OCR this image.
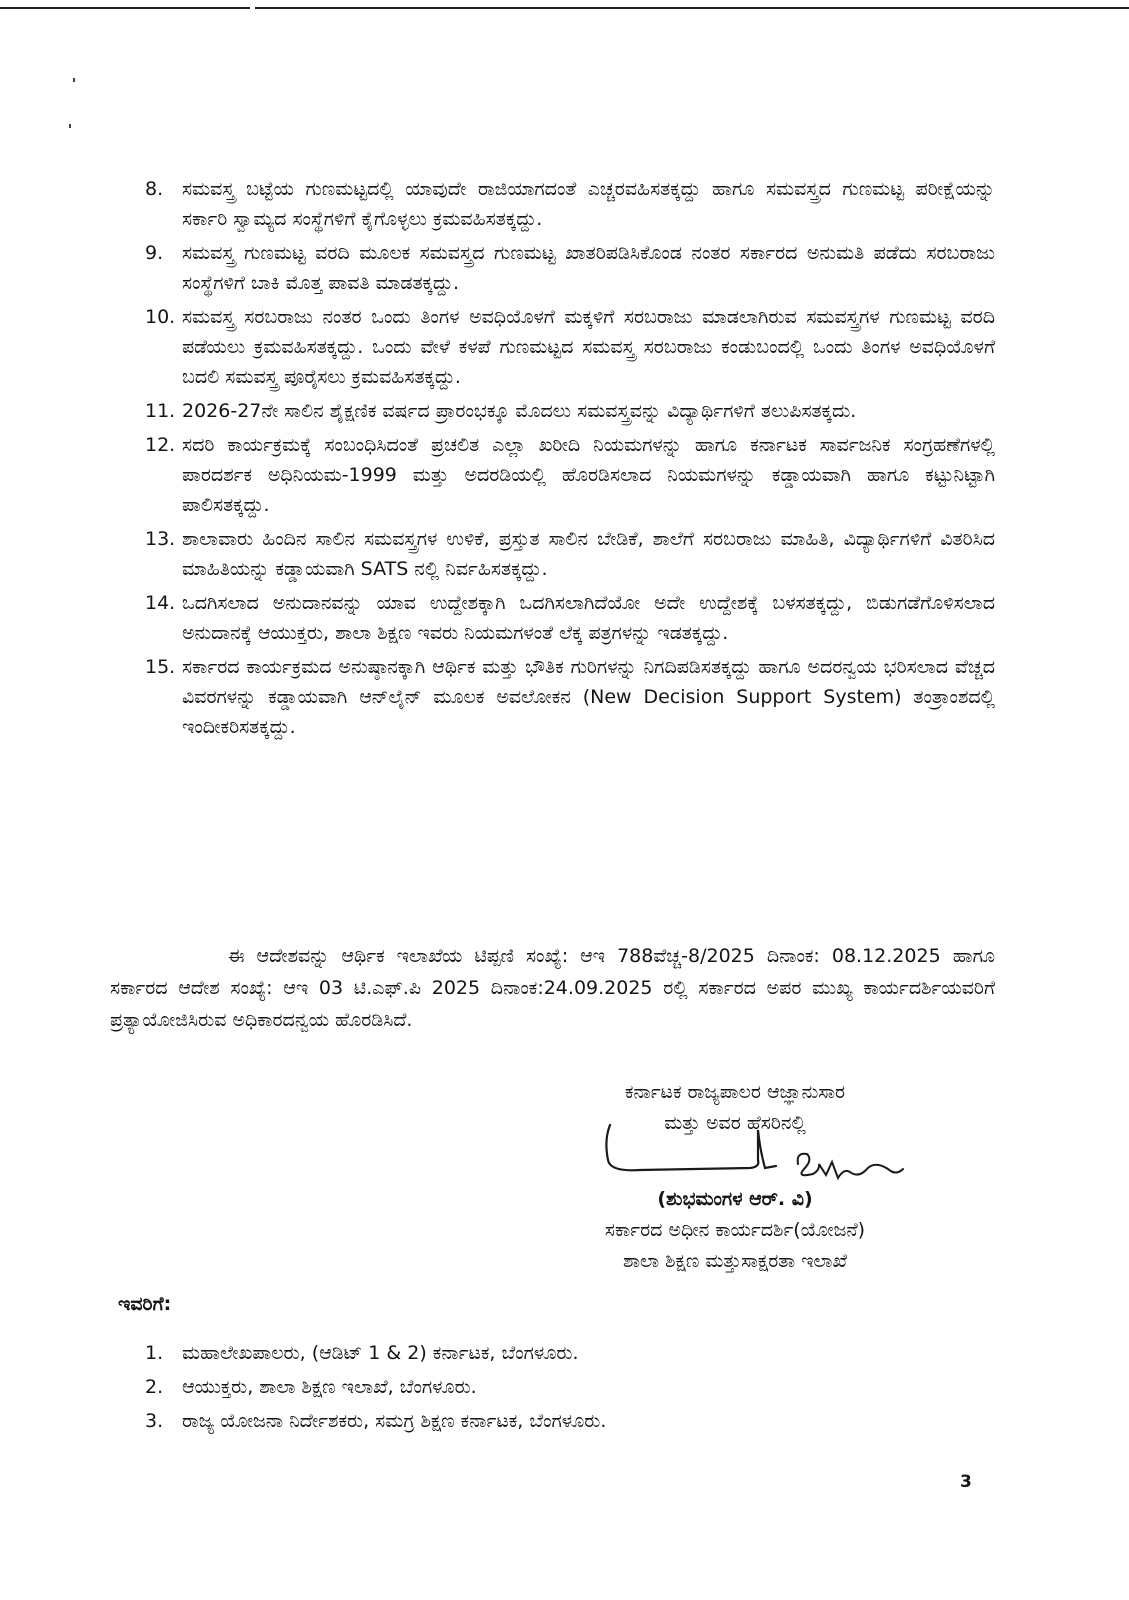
8. ಸಮವಸ್ತ್ರ ಬಟ್ಟೆಯ ಗುಣಮಟ್ಟದಲ್ಲಿ ಯಾವುದೇ ರಾಜಿಯಾಗದಂತೆ ಎಚ್ಚರವಹಿಸತಕ್ಕದ್ದು ಹಾಗೂ ಸಮವಸ್ತ್ರದ ಗುಣಮಟ್ಟ ಪರೀಕ್ಷೆಯನ್ನು ಸರ್ಕಾರಿ ಸ್ವಾಮ್ಯದ ಸಂಸ್ಥೆಗಳಿಗೆ ಕೈಗೊಳ್ಳಲು ಕ್ರಮವಹಿಸತಕ್ಕದ್ದು.
9. ಸಮವಸ್ತ್ರ ಗುಣಮಟ್ಟ ವರದಿ ಮೂಲಕ ಸಮವಸ್ತ್ರದ ಗುಣಮಟ್ಟ ಖಾತರಿಪಡಿಸಿಕೊಂಡ ನಂತರ ಸರ್ಕಾರದ ಅನುಮತಿ ಪಡೆದು ಸರಬರಾಜು ಸಂಸ್ಥೆಗಳಿಗೆ ಬಾಕಿ ಮೊತ್ತ ಪಾವತಿ ಮಾಡತಕ್ಕದ್ದು.
10. ಸಮವಸ್ತ್ರ ಸರಬರಾಜು ನಂತರ ಒಂದು ತಿಂಗಳ ಅವಧಿಯೊಳಗೆ ಮಕ್ಕಳಿಗೆ ಸರಬರಾಜು ಮಾಡಲಾಗಿರುವ ಸಮವಸ್ತ್ರಗಳ ಗುಣಮಟ್ಟ ವರದಿ ಪಡೆಯಲು ಕ್ರಮವಹಿಸತಕ್ಕದ್ದು. ಒಂದು ವೇಳೆ ಕಳಪೆ ಗುಣಮಟ್ಟದ ಸಮವಸ್ತ್ರ ಸರಬರಾಜು ಕಂಡುಬಂದಲ್ಲಿ ಒಂದು ತಿಂಗಳ ಅವಧಿಯೊಳಗೆ ಬದಲಿ ಸಮವಸ್ತ್ರ ಪೂರೈಸಲು ಕ್ರಮವಹಿಸತಕ್ಕದ್ದು.
11. 2026-27ನೇ ಸಾಲಿನ ಶೈಕ್ಷಣಿಕ ವರ್ಷದ ಪ್ರಾರಂಭಕ್ಕೂ ಮೊದಲು ಸಮವಸ್ತ್ರವನ್ನು ವಿದ್ಯಾರ್ಥಿಗಳಿಗೆ ತಲುಪಿಸತಕ್ಕದು.
12. ಸದರಿ ಕಾರ್ಯಕ್ರಮಕ್ಕೆ ಸಂಬಂಧಿಸಿದಂತೆ ಪ್ರಚಲಿತ ಎಲ್ಲಾ ಖರೀದಿ ನಿಯಮಗಳನ್ನು ಹಾಗೂ ಕರ್ನಾಟಕ ಸಾರ್ವಜನಿಕ ಸಂಗ್ರಹಣೆಗಳಲ್ಲಿ ಪಾರದರ್ಶಕ ಅಧಿನಿಯಮ-1999 ಮತ್ತು ಅದರಡಿಯಲ್ಲಿ ಹೊರಡಿಸಲಾದ ನಿಯಮಗಳನ್ನು ಕಡ್ಡಾಯವಾಗಿ ಹಾಗೂ ಕಟ್ಟುನಿಟ್ಟಾಗಿ ಪಾಲಿಸತಕ್ಕದ್ದು.
13. ಶಾಲಾವಾರು ಹಿಂದಿನ ಸಾಲಿನ ಸಮವಸ್ತ್ರಗಳ ಉಳಿಕೆ, ಪ್ರಸ್ತುತ ಸಾಲಿನ ಬೇಡಿಕೆ, ಶಾಲೆಗೆ ಸರಬರಾಜು ಮಾಹಿತಿ, ವಿದ್ಯಾರ್ಥಿಗಳಿಗೆ ವಿತರಿಸಿದ ಮಾಹಿತಿಯನ್ನು ಕಡ್ಡಾಯವಾಗಿ SATS ನಲ್ಲಿ ನಿರ್ವಹಿಸತಕ್ಕದ್ದು.
14. ಒದಗಿಸಲಾದ ಅನುದಾನವನ್ನು ಯಾವ ಉದ್ದೇಶಕ್ಕಾಗಿ ಒದಗಿಸಲಾಗಿದೆಯೋ ಅದೇ ಉದ್ದೇಶಕ್ಕೆ ಬಳಸತಕ್ಕದ್ದು, ಬಿಡುಗಡೆಗೊಳಿಸಲಾದ ಅನುದಾನಕ್ಕೆ ಆಯುಕ್ತರು, ಶಾಲಾ ಶಿಕ್ಷಣ ಇವರು ನಿಯಮಗಳಂತೆ ಲೆಕ್ಕ ಪತ್ರಗಳನ್ನು ಇಡತಕ್ಕದ್ದು.
15. ಸರ್ಕಾರದ ಕಾರ್ಯಕ್ರಮದ ಅನುಷ್ಠಾನಕ್ಕಾಗಿ ಆರ್ಥಿಕ ಮತ್ತು ಭೌತಿಕ ಗುರಿಗಳನ್ನು ನಿಗದಿಪಡಿಸತಕ್ಕದ್ದು ಹಾಗೂ ಅದರನ್ವಯ ಭರಿಸಲಾದ ವೆಚ್ಚದ ವಿವರಗಳನ್ನು ಕಡ್ಡಾಯವಾಗಿ ಆನ್‌ಲೈನ್ ಮೂಲಕ ಅವಲೋಕನ (New Decision Support System) ತಂತ್ರಾಂಶದಲ್ಲಿ ಇಂದೀಕರಿಸತಕ್ಕದ್ದು.

ಈ ಆದೇಶವನ್ನು ಆರ್ಥಿಕ ಇಲಾಖೆಯ ಟಿಪ್ಪಣಿ ಸಂಖ್ಯೆ: ಆಇ 788ವೆಚ್ಚ-8/2025 ದಿನಾಂಕ: 08.12.2025 ಹಾಗೂ ಸರ್ಕಾರದ ಆದೇಶ ಸಂಖ್ಯೆ: ಆಇ 03 ಟಿ.ಎಫ್.ಪಿ 2025 ದಿನಾಂಕ:24.09.2025 ರಲ್ಲಿ ಸರ್ಕಾರದ ಅಪರ ಮುಖ್ಯ ಕಾರ್ಯದರ್ಶಿಯವರಿಗೆ ಪ್ರತ್ಯಾಯೋಜಿಸಿರುವ ಅಧಿಕಾರದನ್ವಯ ಹೊರಡಿಸಿದೆ.

ಕರ್ನಾಟಕ ರಾಜ್ಯಪಾಲರ ಆಜ್ಞಾನುಸಾರ
ಮತ್ತು ಅವರ ಹೆಸರಿನಲ್ಲಿ
(ಶುಭಮಂಗಳ ಆರ್. ವಿ)
ಸರ್ಕಾರದ ಅಧೀನ ಕಾರ್ಯದರ್ಶಿ(ಯೋಜನೆ)
ಶಾಲಾ ಶಿಕ್ಷಣ ಮತ್ತುಸಾಕ್ಷರತಾ ಇಲಾಖೆ
ಇವರಿಗೆ:
1. ಮಹಾಲೇಖಪಾಲರು, (ಆಡಿಟ್ 1 & 2) ಕರ್ನಾಟಕ, ಬೆಂಗಳೂರು.
2. ಆಯುಕ್ತರು, ಶಾಲಾ ಶಿಕ್ಷಣ ಇಲಾಖೆ, ಬೆಂಗಳೂರು.
3. ರಾಜ್ಯ ಯೋಜನಾ ನಿರ್ದೇಶಕರು, ಸಮಗ್ರ ಶಿಕ್ಷಣ ಕರ್ನಾಟಕ, ಬೆಂಗಳೂರು.
3
